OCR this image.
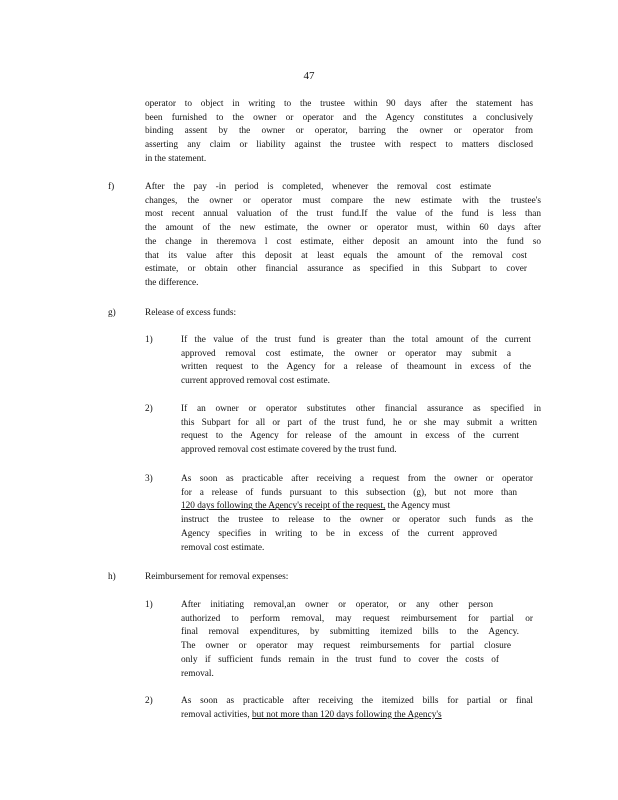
47
operator to object in writing to the trustee within 90 days after the statement has
been furnished to the owner or operator and the Agency constitutes a conclusively
binding assent by the owner or operator, barring the owner or operator from
asserting any claim or liability against the trustee with respect to matters disclosed
in the statement.
f)	After the pay -in period is completed, whenever the removal cost estimate
changes, the owner or operator must compare the new estimate with the trustee's
most recent annual valuation of the trust fund.If the value of the fund is less than
the amount of the new estimate, the owner or operator must, within 60 days after
the change in theremova l cost estimate, either deposit an amount into the fund so
that its value after this deposit at least equals the amount of the removal cost
estimate, or obtain other financial assurance as specified in this Subpart to cover
the difference.
g)	Release of excess funds:
1)	If the value of the trust fund is greater than the total amount of the current
approved removal cost estimate, the owner or operator may submit a
written request to the Agency for a release of theamount in excess of the
current approved removal cost estimate.
2)	If an owner or operator substitutes other financial assurance as specified in
this Subpart for all or part of the trust fund, he or she may submit a written
request to the Agency for release of the amount in excess of the current
approved removal cost estimate covered by the trust fund.
3)	As soon as practicable after receiving a request from the owner or operator
for a release of funds pursuant to this subsection (g), but not more than
120 days following the Agency's receipt of the request, the Agency must
instruct the trustee to release to the owner or operator such funds as the
Agency specifies in writing to be in excess of the current approved
removal cost estimate.
h)	Reimbursement for removal expenses:
1)	After initiating removal,an owner or operator, or any other person
authorized to perform removal, may request reimbursement for partial or
final removal expenditures, by submitting itemized bills to the Agency.
The owner or operator may request reimbursements for partial closure
only if sufficient funds remain in the trust fund to cover the costs of
removal.
2)	As soon as practicable after receiving the itemized bills for partial or final
removal activities, but not more than 120 days following the Agency's
